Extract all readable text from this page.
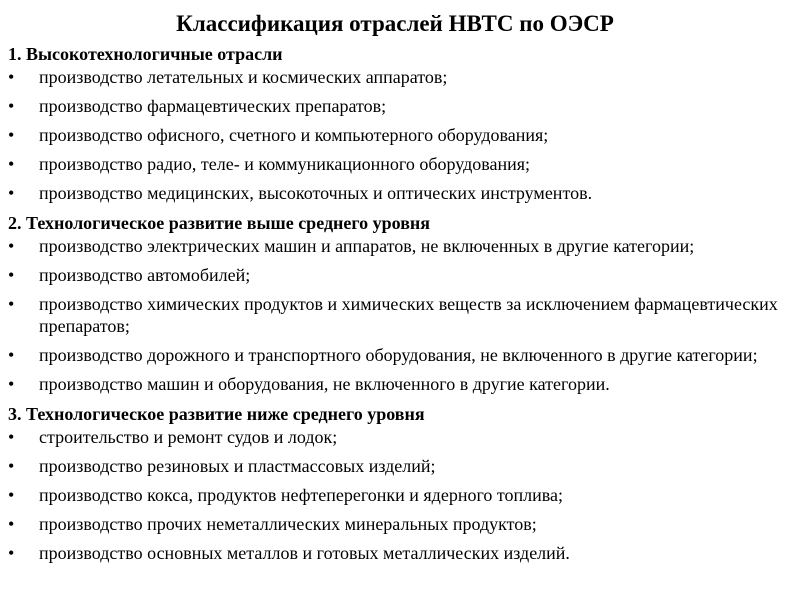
Классификация отраслей НВТС по ОЭСР

1. Высокотехнологичные отрасли

• производство летательных и космических аппаратов;
• производство фармацевтических препаратов;
• производство офисного, счетного и компьютерного оборудования;
• производство радио, теле- и коммуникационного оборудования;
• производство медицинских, высокоточных и оптических инструментов.

2. Технологическое развитие выше среднего уровня

• производство электрических машин и аппаратов, не включенных в другие категории;
• производство автомобилей;
• производство химических продуктов и химических веществ за исключением фармацевтических препаратов;
• производство дорожного и транспортного оборудования, не включенного в другие категории;
• производство машин и оборудования, не включенного в другие категории.

3. Технологическое развитие ниже среднего уровня

• строительство и ремонт судов и лодок;
• производство резиновых и пластмассовых изделий;
• производство кокса, продуктов нефтеперегонки и ядерного топлива;
• производство прочих неметаллических минеральных продуктов;
• производство основных металлов и готовых металлических изделий.
